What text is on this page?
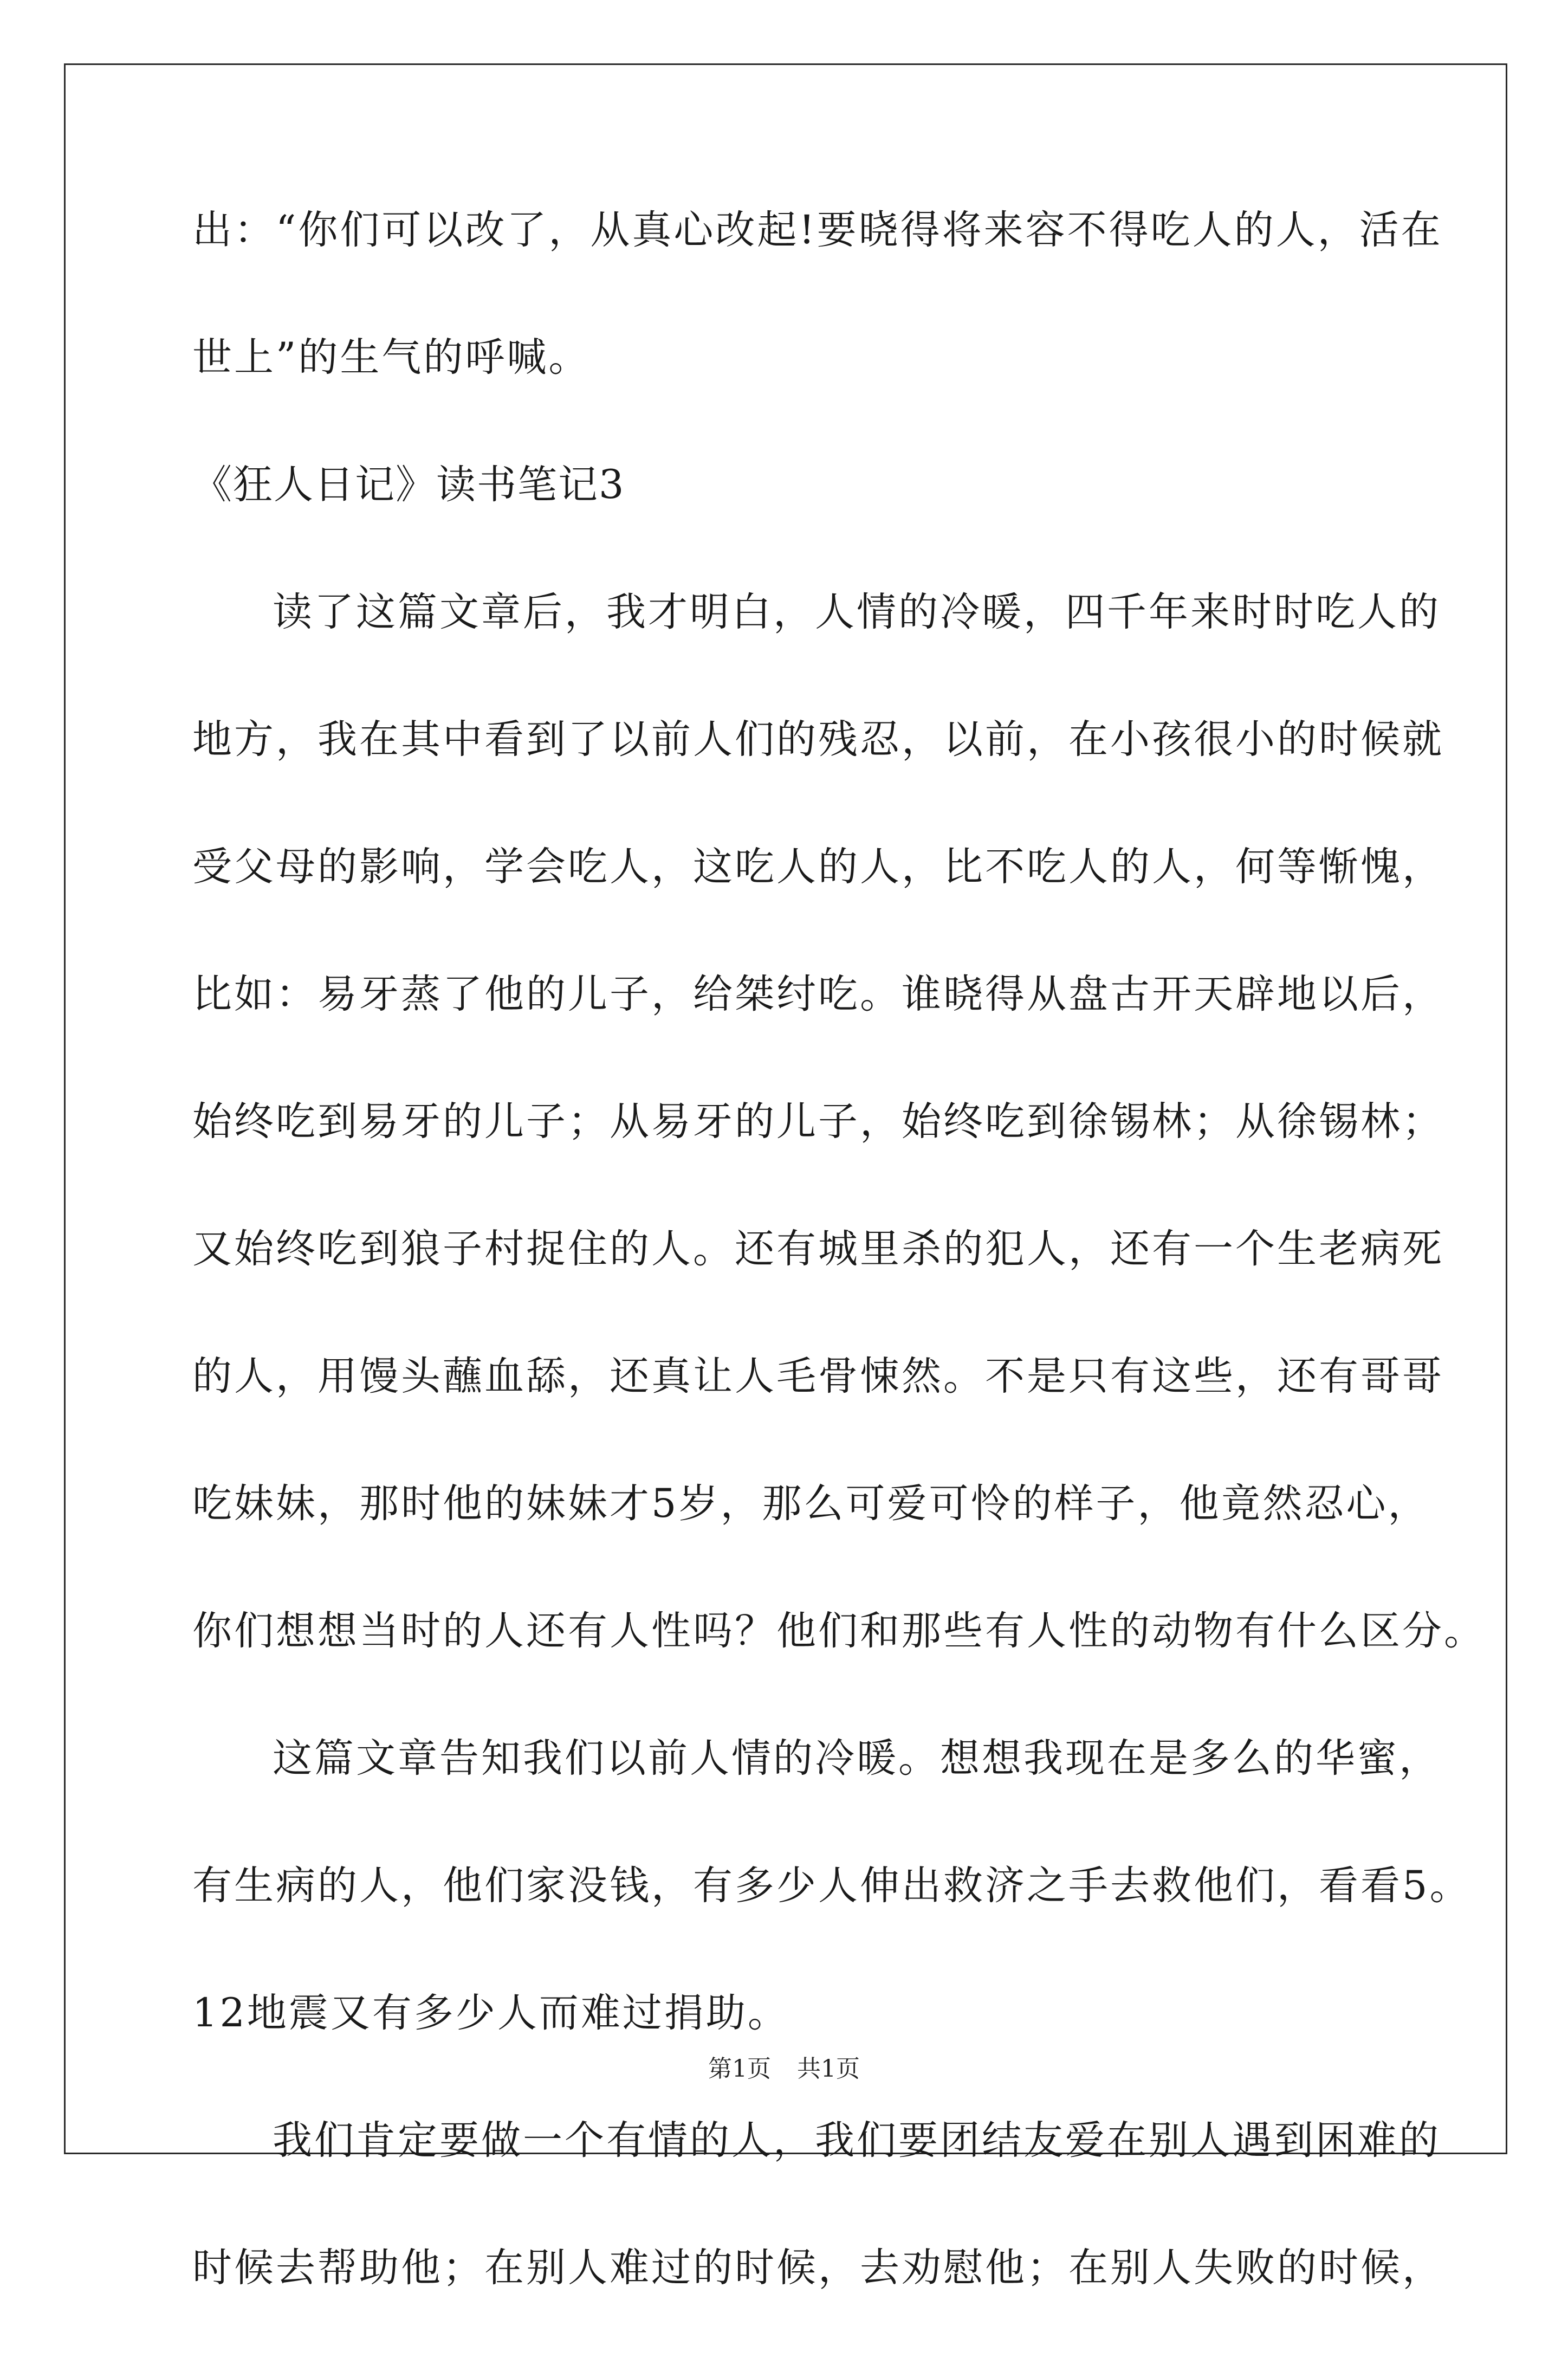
出：“你们可以改了，从真心改起!要晓得将来容不得吃人的人，活在
世上”的生气的呼喊。
《狂人日记》读书笔记3
读了这篇文章后，我才明白，人情的冷暖，四千年来时时吃人的
地方，我在其中看到了以前人们的残忍，以前，在小孩很小的时候就
受父母的影响，学会吃人，这吃人的人，比不吃人的人，何等惭愧，
比如：易牙蒸了他的儿子，给桀纣吃。谁晓得从盘古开天辟地以后，
始终吃到易牙的儿子；从易牙的儿子，始终吃到徐锡林；从徐锡林；
又始终吃到狼子村捉住的人。还有城里杀的犯人，还有一个生老病死
的人，用馒头蘸血舔，还真让人毛骨悚然。不是只有这些，还有哥哥
吃妹妹，那时他的妹妹才5岁，那么可爱可怜的样子，他竟然忍心，
你们想想当时的人还有人性吗？他们和那些有人性的动物有什么区分。
这篇文章告知我们以前人情的冷暖。想想我现在是多么的华蜜，
有生病的人，他们家没钱，有多少人伸出救济之手去救他们，看看5。
12地震又有多少人而难过捐助。
我们肯定要做一个有情的人，我们要团结友爱在别人遇到困难的
时候去帮助他；在别人难过的时候，去劝慰他；在别人失败的时候，
第1页 共1页
